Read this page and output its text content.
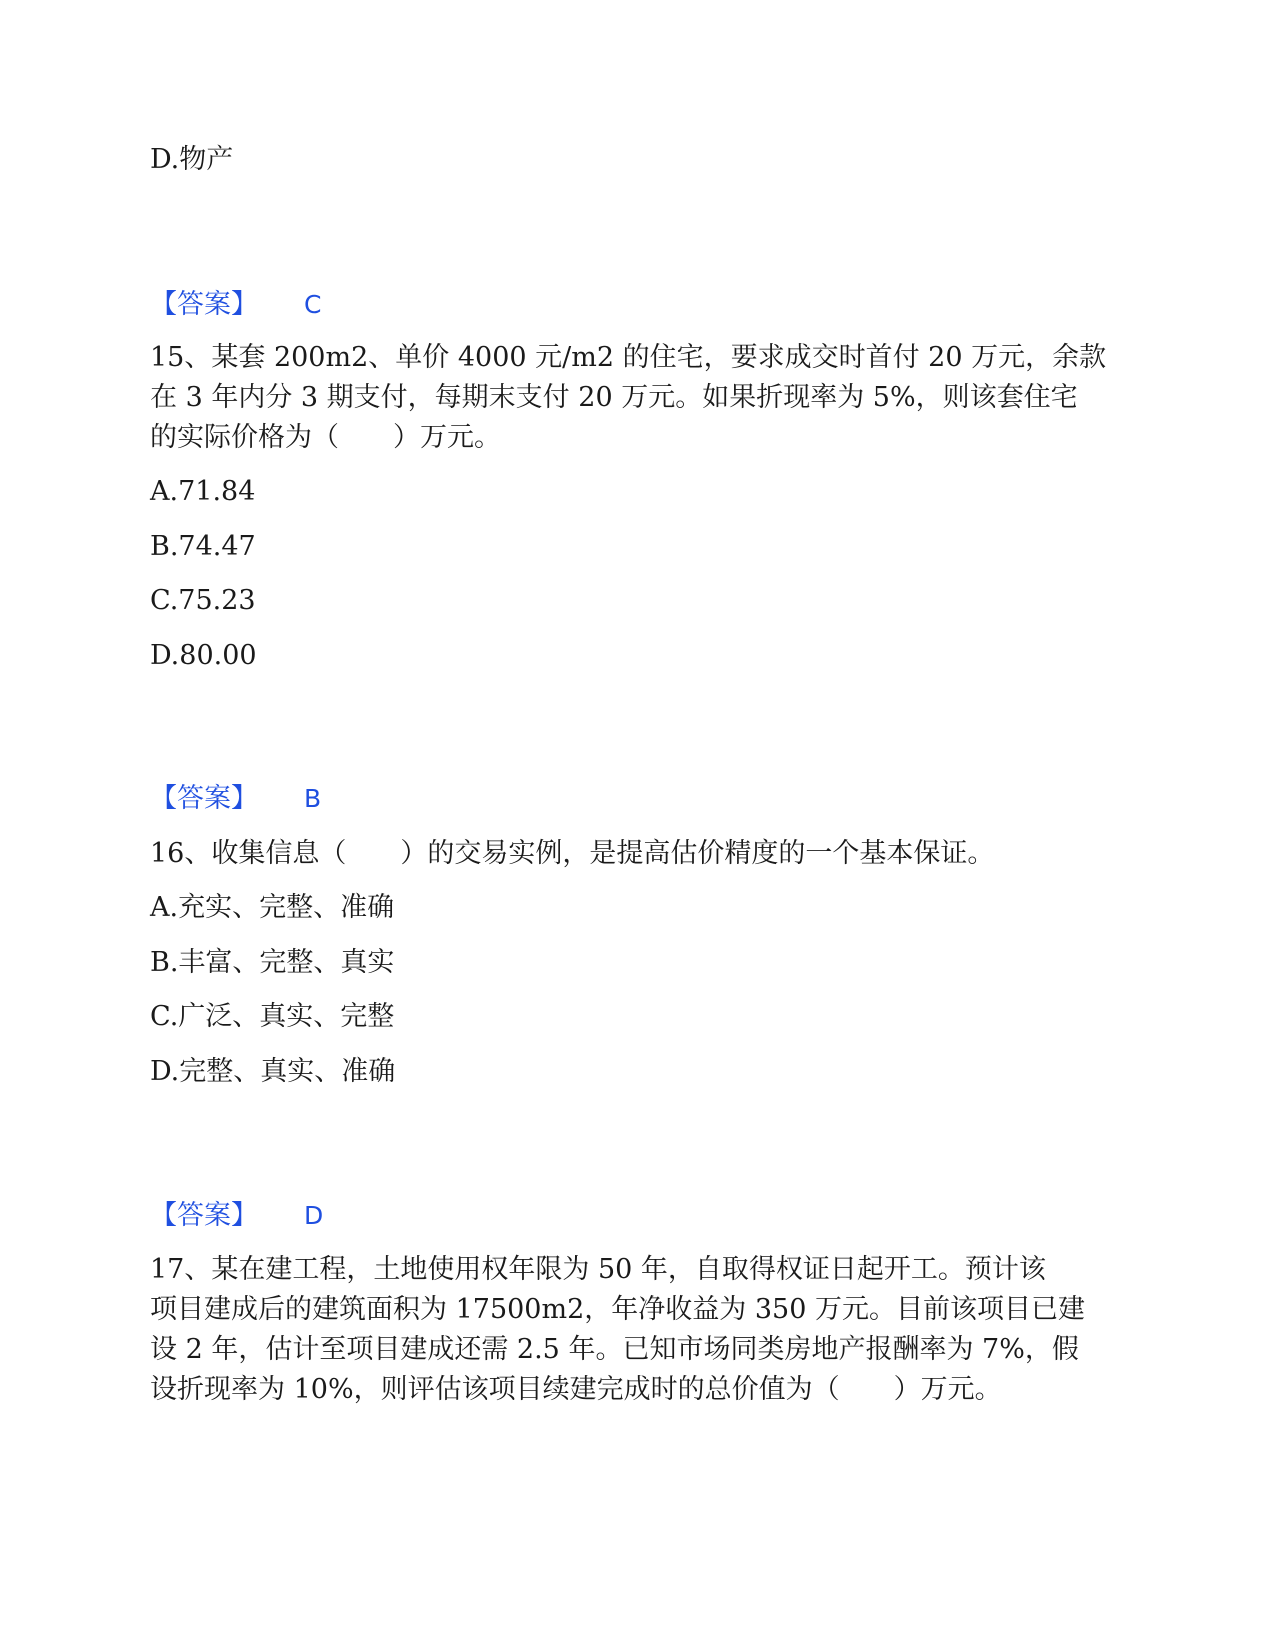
D.物产
【答案】 C
15、某套 200m2、单价 4000 元/m2 的住宅，要求成交时首付 20 万元，余款
在 3 年内分 3 期支付，每期末支付 20 万元。如果折现率为 5%，则该套住宅
的实际价格为（　　）万元。
A.71.84
B.74.47
C.75.23
D.80.00
【答案】 B
16、收集信息（　　）的交易实例，是提高估价精度的一个基本保证。
A.充实、完整、准确
B.丰富、完整、真实
C.广泛、真实、完整
D.完整、真实、准确
【答案】 D
17、某在建工程，土地使用权年限为 50 年，自取得权证日起开工。预计该
项目建成后的建筑面积为 17500m2，年净收益为 350 万元。目前该项目已建
设 2 年，估计至项目建成还需 2.5 年。已知市场同类房地产报酬率为 7%，假
设折现率为 10%，则评估该项目续建完成时的总价值为（　　）万元。
